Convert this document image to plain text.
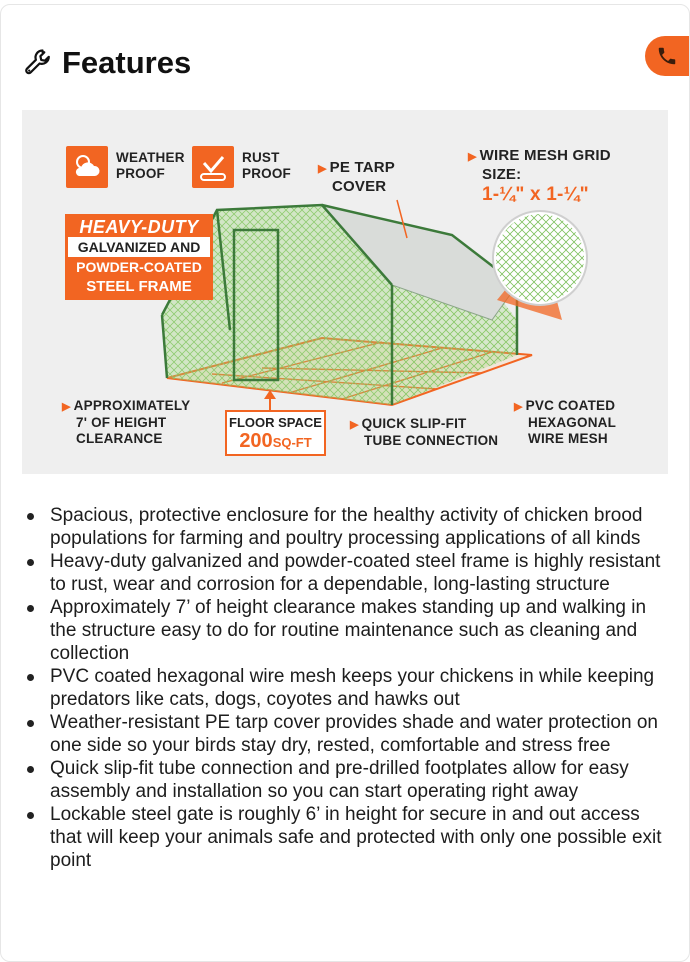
Features
WEATHER
PROOF
RUST
PROOF ▶ PE TARP
COVER
▶ WIRE MESH GRID
SIZE:
1-¼" x 1-¼"
HEAVY-DUTY
GALVANIZED AND
POWDER-COATED
STEEL FRAME
▶ APPROXIMATELY
7' OF HEIGHT
CLEARANCE
FLOOR SPACE
200SQ-FT
▶ QUICK SLIP-FIT
TUBE CONNECTION
▶ PVC COATED
HEXAGONAL
WIRE MESH
Spacious, protective enclosure for the healthy activity of chicken brood populations for farming and poultry processing applications of all kinds
Heavy-duty galvanized and powder-coated steel frame is highly resistant to rust, wear and corrosion for a dependable, long-lasting structure
Approximately 7’ of height clearance makes standing up and walking in the structure easy to do for routine maintenance such as cleaning and collection
PVC coated hexagonal wire mesh keeps your chickens in while keeping predators like cats, dogs, coyotes and hawks out
Weather-resistant PE tarp cover provides shade and water protection on one side so your birds stay dry, rested, comfortable and stress free
Quick slip-fit tube connection and pre-drilled footplates allow for easy assembly and installation so you can start operating right away
Lockable steel gate is roughly 6’ in height for secure in and out access that will keep your animals safe and protected with only one possible exit point
